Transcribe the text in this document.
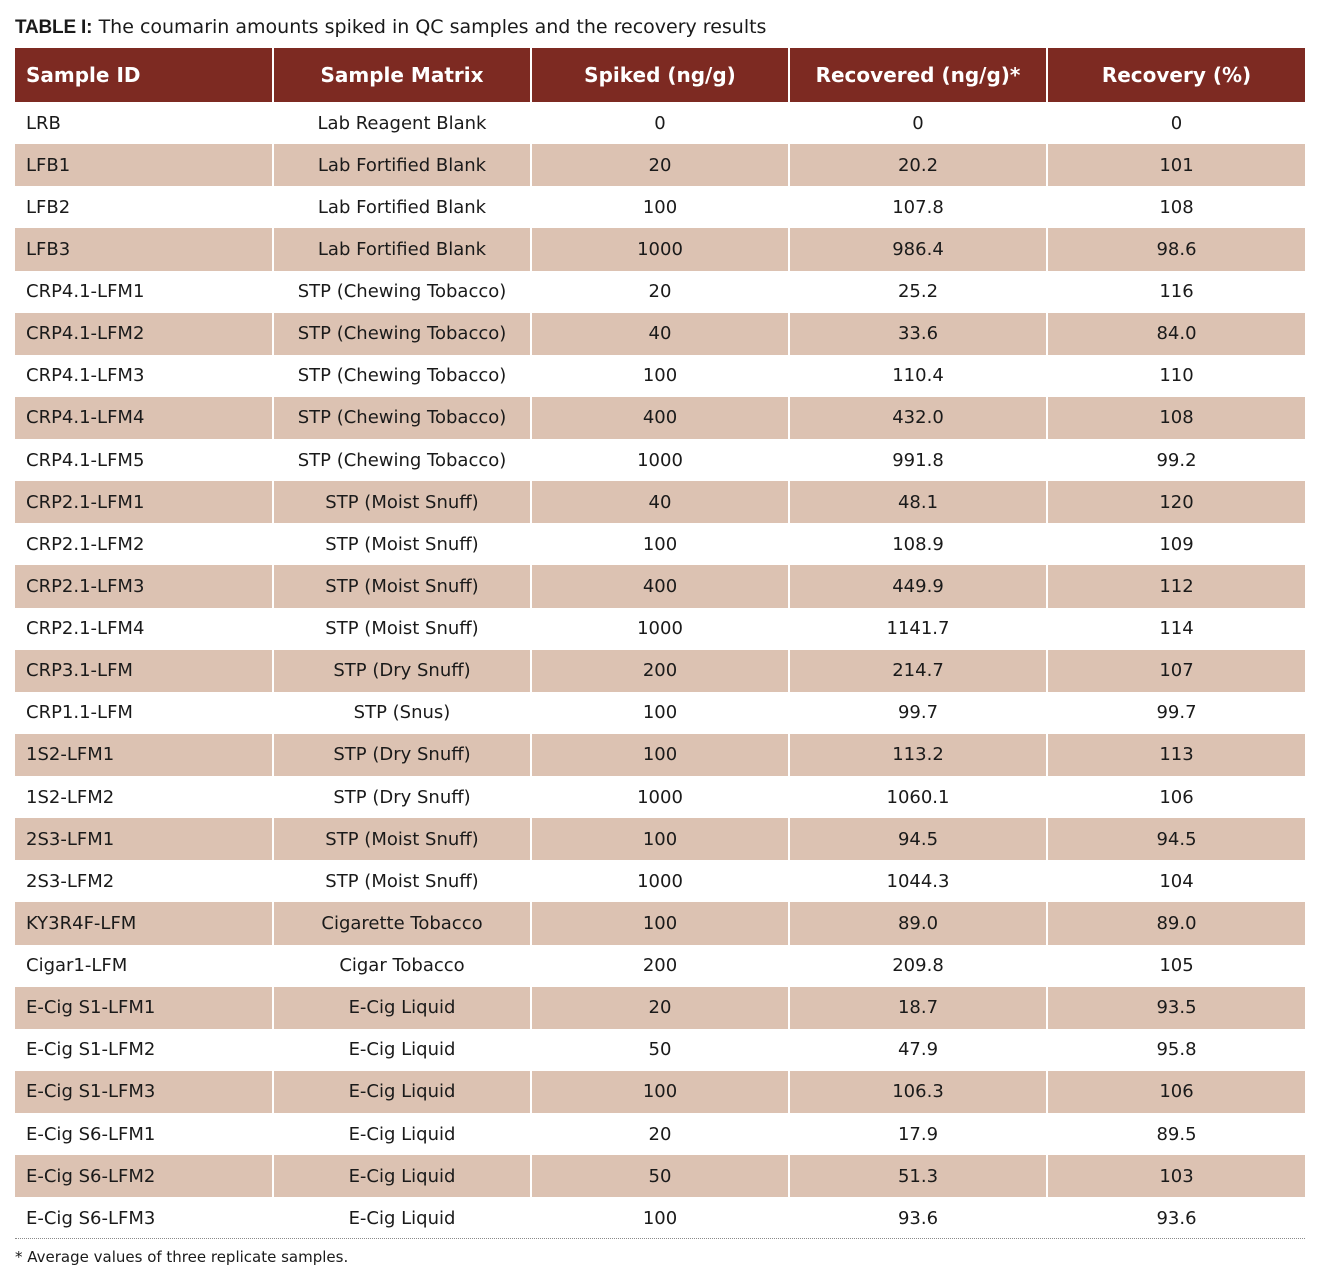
TABLE I: The coumarin amounts spiked in QC samples and the recovery results
Sample ID	Sample Matrix	Spiked (ng/g)	Recovered (ng/g)*	Recovery (%)
LRB	Lab Reagent Blank	0	0	0
LFB1	Lab Fortified Blank	20	20.2	101
LFB2	Lab Fortified Blank	100	107.8	108
LFB3	Lab Fortified Blank	1000	986.4	98.6
CRP4.1-LFM1	STP (Chewing Tobacco)	20	25.2	116
CRP4.1-LFM2	STP (Chewing Tobacco)	40	33.6	84.0
CRP4.1-LFM3	STP (Chewing Tobacco)	100	110.4	110
CRP4.1-LFM4	STP (Chewing Tobacco)	400	432.0	108
CRP4.1-LFM5	STP (Chewing Tobacco)	1000	991.8	99.2
CRP2.1-LFM1	STP (Moist Snuff)	40	48.1	120
CRP2.1-LFM2	STP (Moist Snuff)	100	108.9	109
CRP2.1-LFM3	STP (Moist Snuff)	400	449.9	112
CRP2.1-LFM4	STP (Moist Snuff)	1000	1141.7	114
CRP3.1-LFM	STP (Dry Snuff)	200	214.7	107
CRP1.1-LFM	STP (Snus)	100	99.7	99.7
1S2-LFM1	STP (Dry Snuff)	100	113.2	113
1S2-LFM2	STP (Dry Snuff)	1000	1060.1	106
2S3-LFM1	STP (Moist Snuff)	100	94.5	94.5
2S3-LFM2	STP (Moist Snuff)	1000	1044.3	104
KY3R4F-LFM	Cigarette Tobacco	100	89.0	89.0
Cigar1-LFM	Cigar Tobacco	200	209.8	105
E-Cig S1-LFM1	E-Cig Liquid	20	18.7	93.5
E-Cig S1-LFM2	E-Cig Liquid	50	47.9	95.8
E-Cig S1-LFM3	E-Cig Liquid	100	106.3	106
E-Cig S6-LFM1	E-Cig Liquid	20	17.9	89.5
E-Cig S6-LFM2	E-Cig Liquid	50	51.3	103
E-Cig S6-LFM3	E-Cig Liquid	100	93.6	93.6
* Average values of three replicate samples.
